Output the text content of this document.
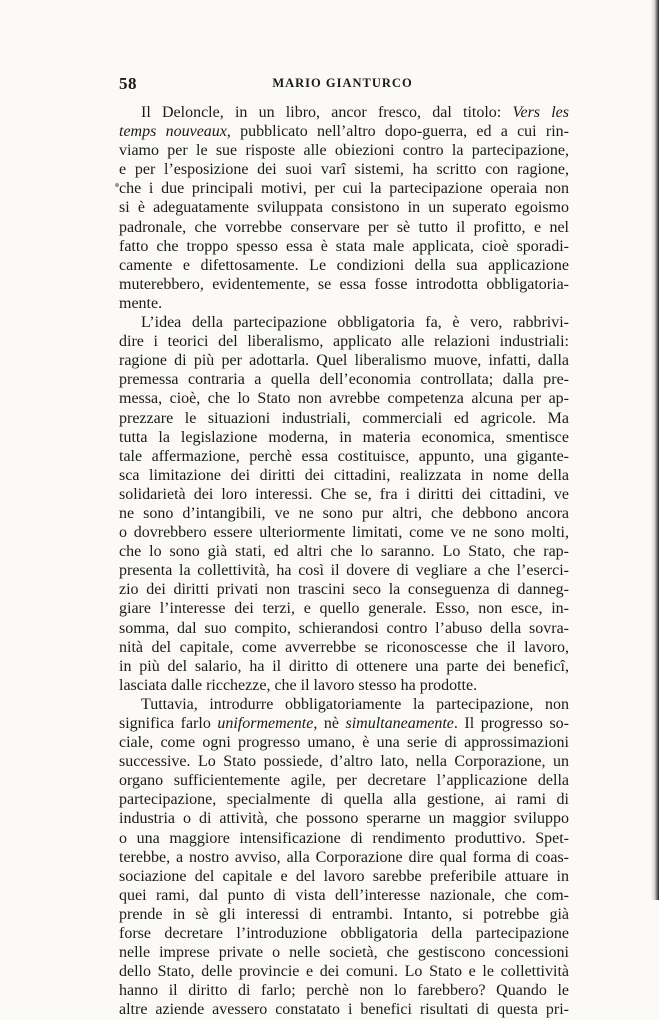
58	MARIO GIANTURCO
Il Deloncle, in un libro, ancor fresco, dal titolo: Vers les
temps nouveaux, pubblicato nell’altro dopo-guerra, ed a cui rin-
viamo per le sue risposte alle obiezioni contro la partecipazione,
e per l’esposizione dei suoi varî sistemi, ha scritto con ragione,
che i due principali motivi, per cui la partecipazione operaia non
si è adeguatamente sviluppata consistono in un superato egoismo
padronale, che vorrebbe conservare per sè tutto il profitto, e nel
fatto che troppo spesso essa è stata male applicata, cioè sporadi-
camente e difettosamente. Le condizioni della sua applicazione
muterebbero, evidentemente, se essa fosse introdotta obbligatoria-
mente.
L’idea della partecipazione obbligatoria fa, è vero, rabbrivi-
dire i teorici del liberalismo, applicato alle relazioni industriali:
ragione di più per adottarla. Quel liberalismo muove, infatti, dalla
premessa contraria a quella dell’economia controllata; dalla pre-
messa, cioè, che lo Stato non avrebbe competenza alcuna per ap-
prezzare le situazioni industriali, commerciali ed agricole. Ma
tutta la legislazione moderna, in materia economica, smentisce
tale affermazione, perchè essa costituisce, appunto, una gigante-
sca limitazione dei diritti dei cittadini, realizzata in nome della
solidarietà dei loro interessi. Che se, fra i diritti dei cittadini, ve
ne sono d’intangibili, ve ne sono pur altri, che debbono ancora
o dovrebbero essere ulteriormente limitati, come ve ne sono molti,
che lo sono già stati, ed altri che lo saranno. Lo Stato, che rap-
presenta la collettività, ha così il dovere di vegliare a che l’eserci-
zio dei diritti privati non trascini seco la conseguenza di danneg-
giare l’interesse dei terzi, e quello generale. Esso, non esce, in-
somma, dal suo compito, schierandosi contro l’abuso della sovra-
nità del capitale, come avverrebbe se riconoscesse che il lavoro,
in più del salario, ha il diritto di ottenere una parte dei beneficî,
lasciata dalle ricchezze, che il lavoro stesso ha prodotte.
Tuttavia, introdurre obbligatoriamente la partecipazione, non
significa farlo uniformemente, nè simultaneamente. Il progresso so-
ciale, come ogni progresso umano, è una serie di approssimazioni
successive. Lo Stato possiede, d’altro lato, nella Corporazione, un
organo sufficientemente agile, per decretare l’applicazione della
partecipazione, specialmente di quella alla gestione, ai rami di
industria o di attività, che possono sperarne un maggior sviluppo
o una maggiore intensificazione di rendimento produttivo. Spet-
terebbe, a nostro avviso, alla Corporazione dire qual forma di coas-
sociazione del capitale e del lavoro sarebbe preferibile attuare in
quei rami, dal punto di vista dell’interesse nazionale, che com-
prende in sè gli interessi di entrambi. Intanto, si potrebbe già
forse decretare l’introduzione obbligatoria della partecipazione
nelle imprese private o nelle società, che gestiscono concessioni
dello Stato, delle provincie e dei comuni. Lo Stato e le collettività
hanno il diritto di farlo; perchè non lo farebbero? Quando le
altre aziende avessero constatato i benefici risultati di questa pri-
